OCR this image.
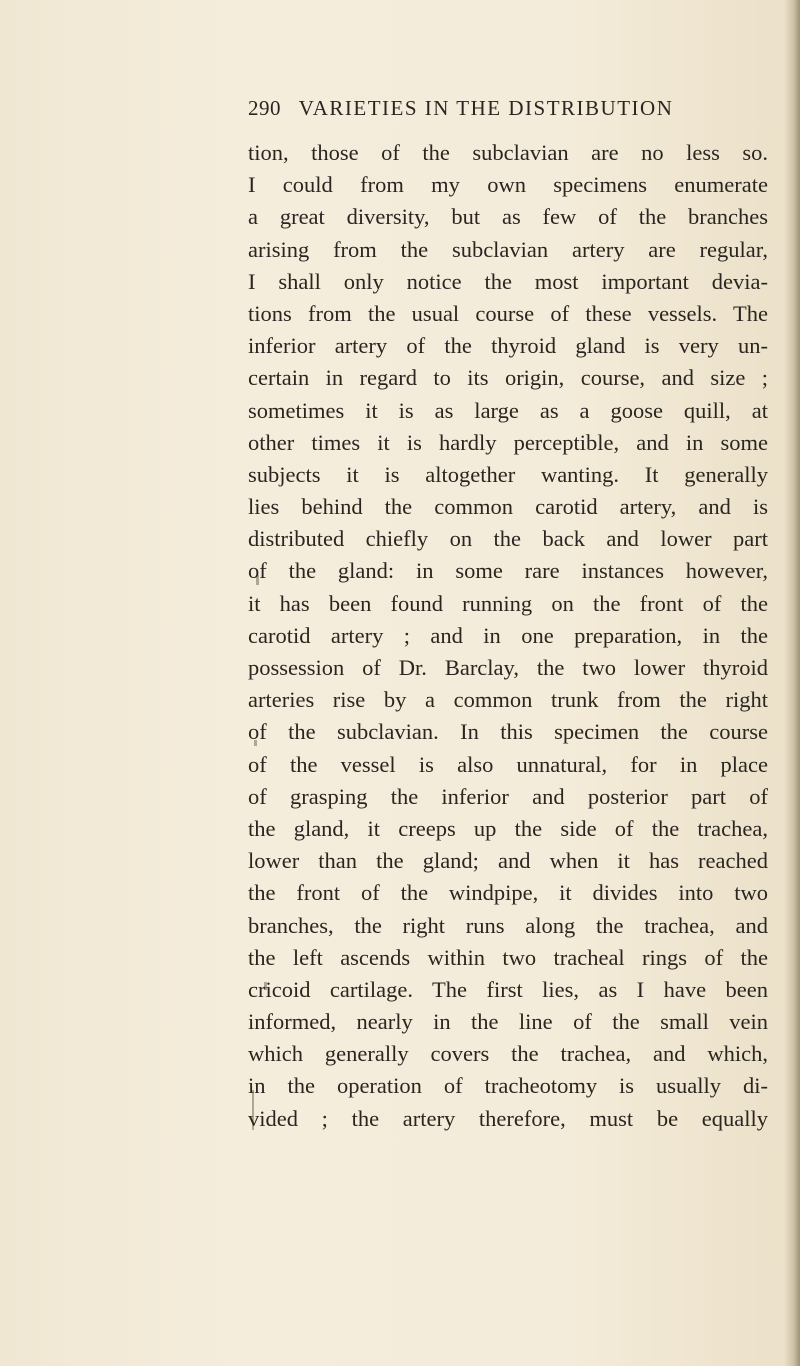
290 VARIETIES IN THE DISTRIBUTION
tion, those of the subclavian are no less so.
I could from my own specimens enumerate
a great diversity, but as few of the branches
arising from the subclavian artery are regular,
I shall only notice the most important devia-
tions from the usual course of these vessels. The
inferior artery of the thyroid gland is very un-
certain in regard to its origin, course, and size ;
sometimes it is as large as a goose quill, at
other times it is hardly perceptible, and in some
subjects it is altogether wanting. It generally
lies behind the common carotid artery, and is
distributed chiefly on the back and lower part
of the gland: in some rare instances however,
it has been found running on the front of the
carotid artery ; and in one preparation, in the
possession of Dr. Barclay, the two lower thyroid
arteries rise by a common trunk from the right
of the subclavian. In this specimen the course
of the vessel is also unnatural, for in place
of grasping the inferior and posterior part of
the gland, it creeps up the side of the trachea,
lower than the gland; and when it has reached
the front of the windpipe, it divides into two
branches, the right runs along the trachea, and
the left ascends within two tracheal rings of the
cricoid cartilage. The first lies, as I have been
informed, nearly in the line of the small vein
which generally covers the trachea, and which,
in the operation of tracheotomy is usually di-
vided ; the artery therefore, must be equally
